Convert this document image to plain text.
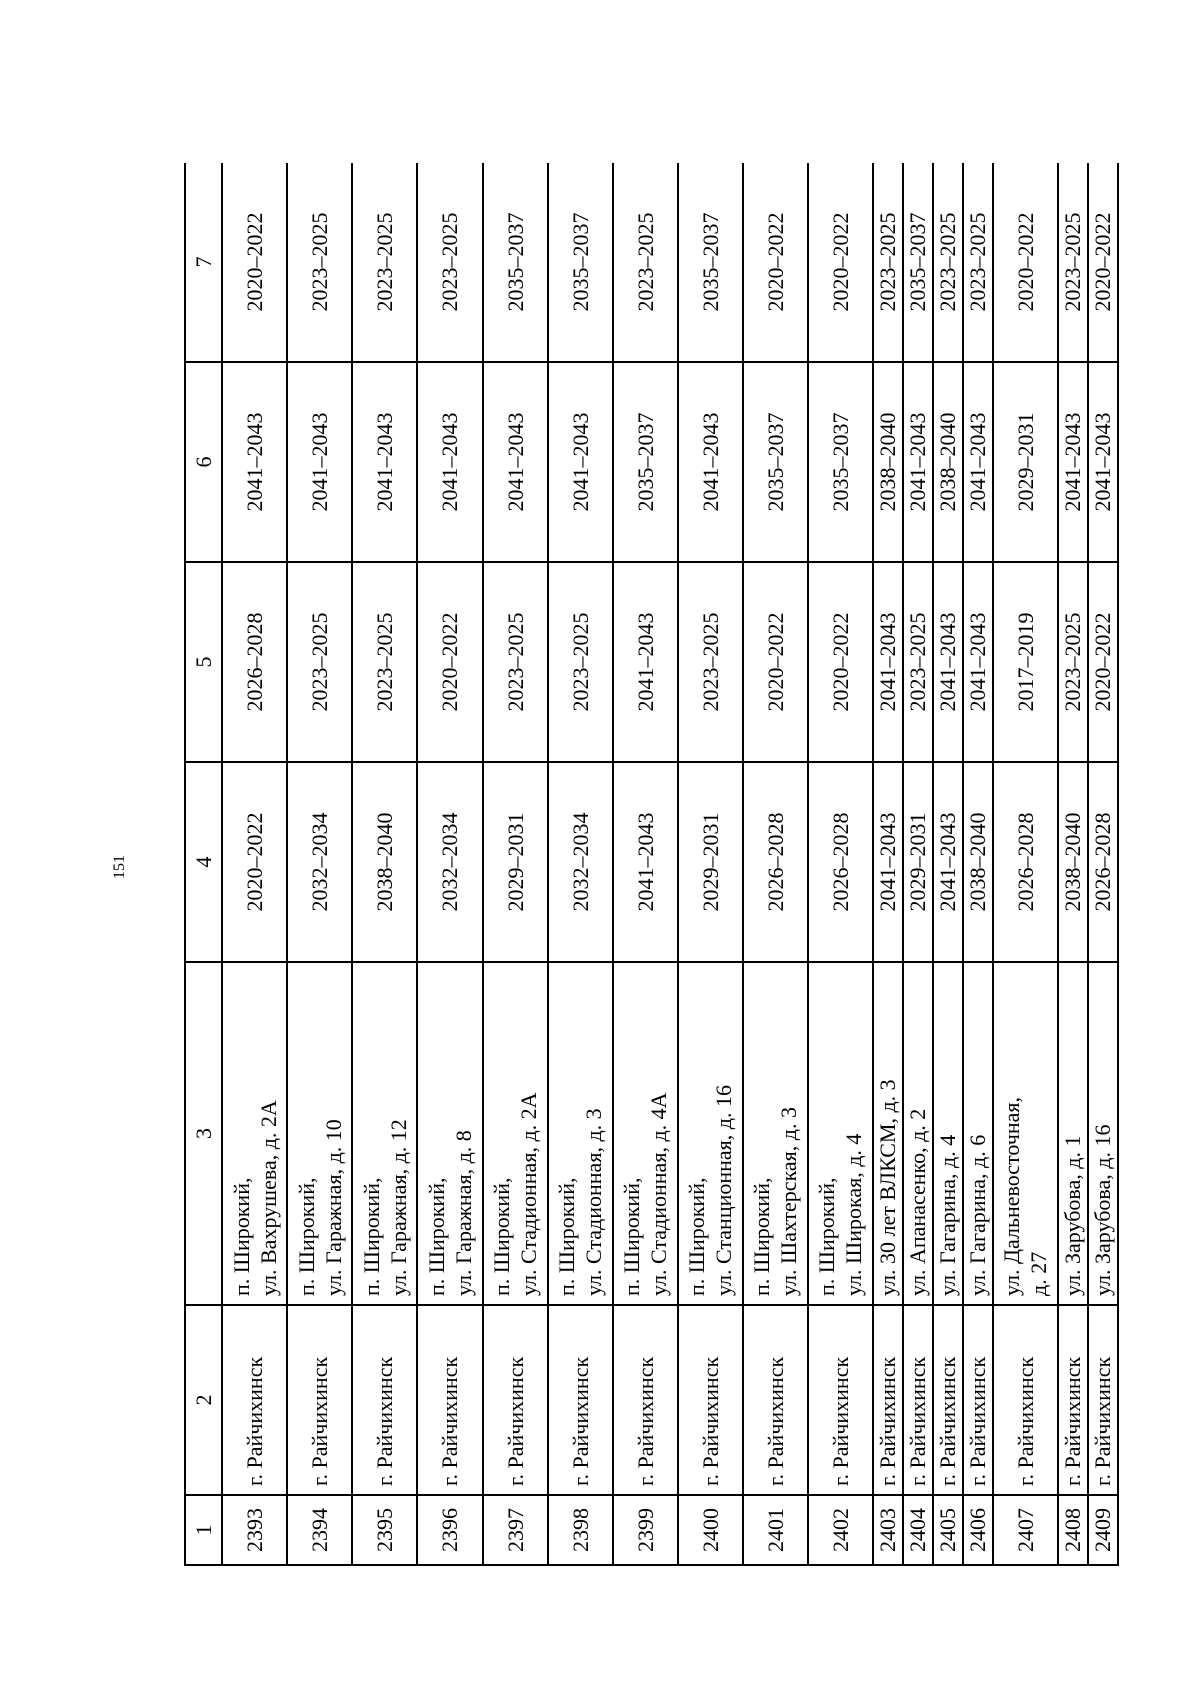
151
1	2	3	4	5	6	7
2393	г. Райчихинск	п. Широкий, ул. Вахрушева, д. 2А	2020–2022	2026–2028	2041–2043	2020–2022
2394	г. Райчихинск	п. Широкий, ул. Гаражная, д. 10	2032–2034	2023–2025	2041–2043	2023–2025
2395	г. Райчихинск	п. Широкий, ул. Гаражная, д. 12	2038–2040	2023–2025	2041–2043	2023–2025
2396	г. Райчихинск	п. Широкий, ул. Гаражная, д. 8	2032–2034	2020–2022	2041–2043	2023–2025
2397	г. Райчихинск	п. Широкий, ул. Стадионная, д. 2А	2029–2031	2023–2025	2041–2043	2035–2037
2398	г. Райчихинск	п. Широкий, ул. Стадионная, д. 3	2032–2034	2023–2025	2041–2043	2035–2037
2399	г. Райчихинск	п. Широкий, ул. Стадионная, д. 4А	2041–2043	2041–2043	2035–2037	2023–2025
2400	г. Райчихинск	п. Широкий, ул. Станционная, д. 16	2029–2031	2023–2025	2041–2043	2035–2037
2401	г. Райчихинск	п. Широкий, ул. Шахтерская, д. 3	2026–2028	2020–2022	2035–2037	2020–2022
2402	г. Райчихинск	п. Широкий, ул. Широкая, д. 4	2026–2028	2020–2022	2035–2037	2020–2022
2403	г. Райчихинск	ул. 30 лет ВЛКСМ, д. 3	2041–2043	2041–2043	2038–2040	2023–2025
2404	г. Райчихинск	ул. Апанасенко, д. 2	2029–2031	2023–2025	2041–2043	2035–2037
2405	г. Райчихинск	ул. Гагарина, д. 4	2041–2043	2041–2043	2038–2040	2023–2025
2406	г. Райчихинск	ул. Гагарина, д. 6	2038–2040	2041–2043	2041–2043	2023–2025
2407	г. Райчихинск	ул. Дальневосточная, д. 27	2026–2028	2017–2019	2029–2031	2020–2022
2408	г. Райчихинск	ул. Зарубова, д. 1	2038–2040	2023–2025	2041–2043	2023–2025
2409	г. Райчихинск	ул. Зарубова, д. 16	2026–2028	2020–2022	2041–2043	2020–2022
